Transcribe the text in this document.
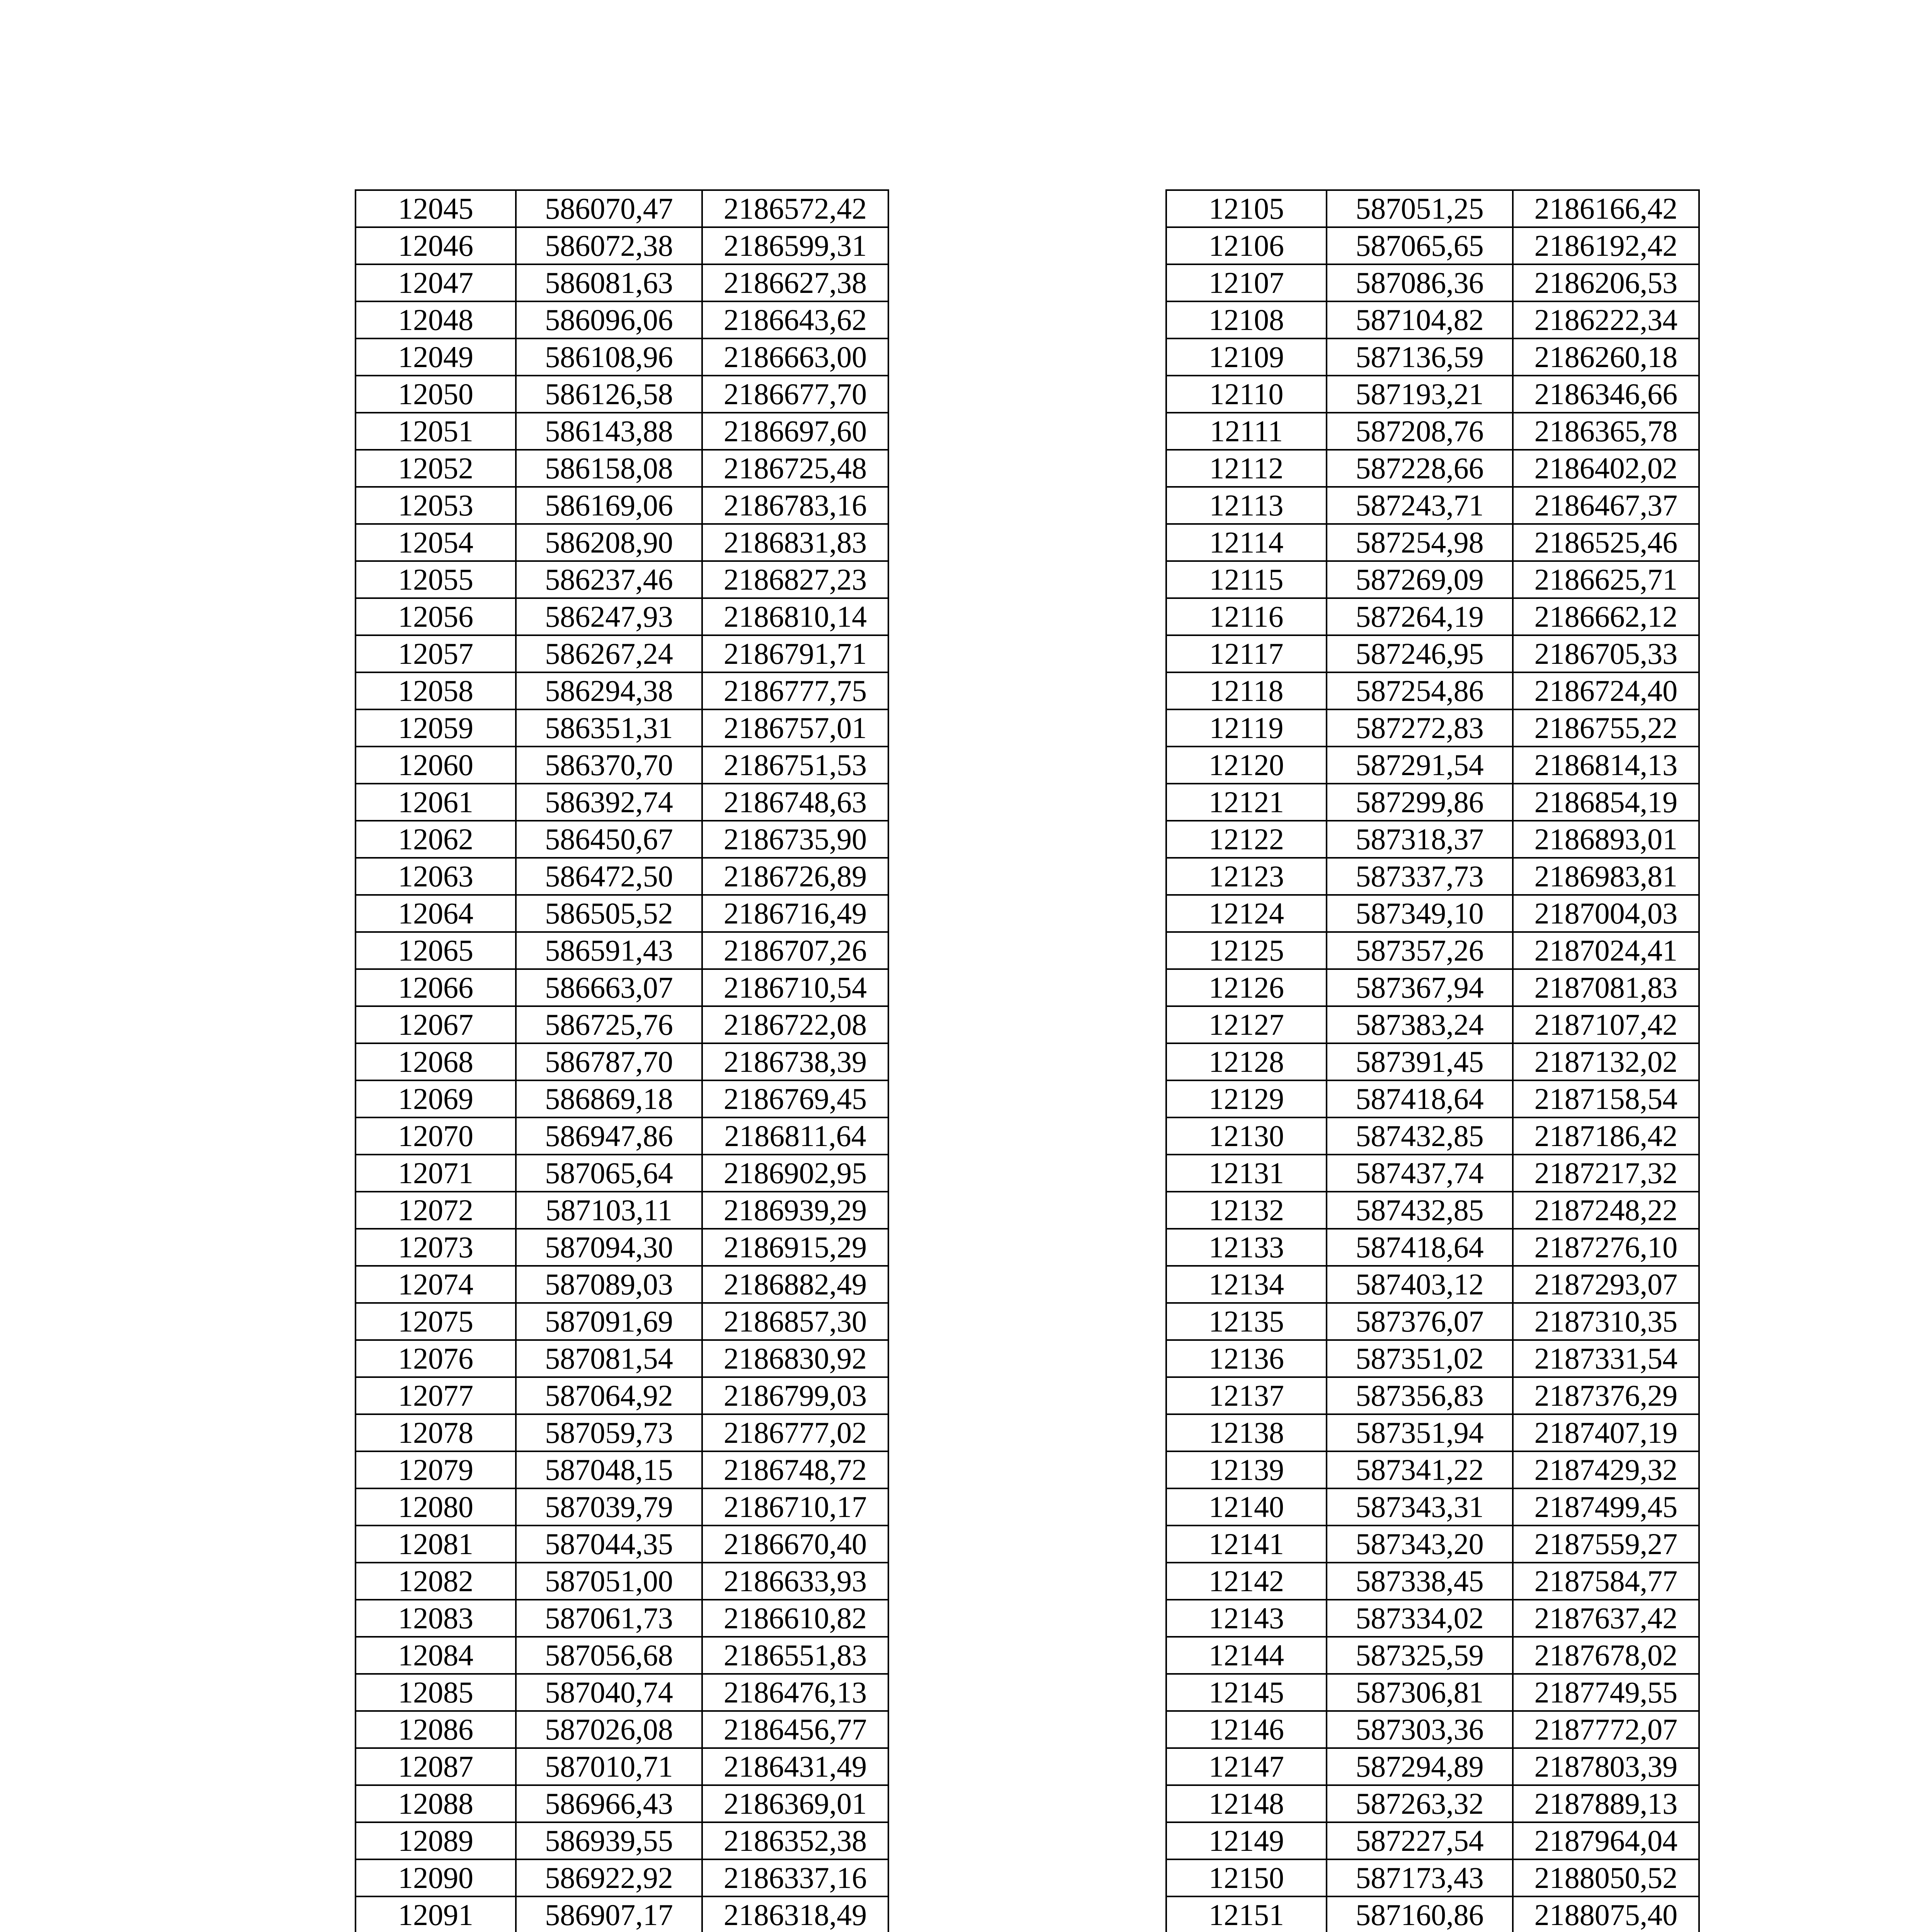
12045	586070,47	2186572,42
12046	586072,38	2186599,31
12047	586081,63	2186627,38
12048	586096,06	2186643,62
12049	586108,96	2186663,00
12050	586126,58	2186677,70
12051	586143,88	2186697,60
12052	586158,08	2186725,48
12053	586169,06	2186783,16
12054	586208,90	2186831,83
12055	586237,46	2186827,23
12056	586247,93	2186810,14
12057	586267,24	2186791,71
12058	586294,38	2186777,75
12059	586351,31	2186757,01
12060	586370,70	2186751,53
12061	586392,74	2186748,63
12062	586450,67	2186735,90
12063	586472,50	2186726,89
12064	586505,52	2186716,49
12065	586591,43	2186707,26
12066	586663,07	2186710,54
12067	586725,76	2186722,08
12068	586787,70	2186738,39
12069	586869,18	2186769,45
12070	586947,86	2186811,64
12071	587065,64	2186902,95
12072	587103,11	2186939,29
12073	587094,30	2186915,29
12074	587089,03	2186882,49
12075	587091,69	2186857,30
12076	587081,54	2186830,92
12077	587064,92	2186799,03
12078	587059,73	2186777,02
12079	587048,15	2186748,72
12080	587039,79	2186710,17
12081	587044,35	2186670,40
12082	587051,00	2186633,93
12083	587061,73	2186610,82
12084	587056,68	2186551,83
12085	587040,74	2186476,13
12086	587026,08	2186456,77
12087	587010,71	2186431,49
12088	586966,43	2186369,01
12089	586939,55	2186352,38
12090	586922,92	2186337,16
12091	586907,17	2186318,49

12105	587051,25	2186166,42
12106	587065,65	2186192,42
12107	587086,36	2186206,53
12108	587104,82	2186222,34
12109	587136,59	2186260,18
12110	587193,21	2186346,66
12111	587208,76	2186365,78
12112	587228,66	2186402,02
12113	587243,71	2186467,37
12114	587254,98	2186525,46
12115	587269,09	2186625,71
12116	587264,19	2186662,12
12117	587246,95	2186705,33
12118	587254,86	2186724,40
12119	587272,83	2186755,22
12120	587291,54	2186814,13
12121	587299,86	2186854,19
12122	587318,37	2186893,01
12123	587337,73	2186983,81
12124	587349,10	2187004,03
12125	587357,26	2187024,41
12126	587367,94	2187081,83
12127	587383,24	2187107,42
12128	587391,45	2187132,02
12129	587418,64	2187158,54
12130	587432,85	2187186,42
12131	587437,74	2187217,32
12132	587432,85	2187248,22
12133	587418,64	2187276,10
12134	587403,12	2187293,07
12135	587376,07	2187310,35
12136	587351,02	2187331,54
12137	587356,83	2187376,29
12138	587351,94	2187407,19
12139	587341,22	2187429,32
12140	587343,31	2187499,45
12141	587343,20	2187559,27
12142	587338,45	2187584,77
12143	587334,02	2187637,42
12144	587325,59	2187678,02
12145	587306,81	2187749,55
12146	587303,36	2187772,07
12147	587294,89	2187803,39
12148	587263,32	2187889,13
12149	587227,54	2187964,04
12150	587173,43	2188050,52
12151	587160,86	2188075,40
